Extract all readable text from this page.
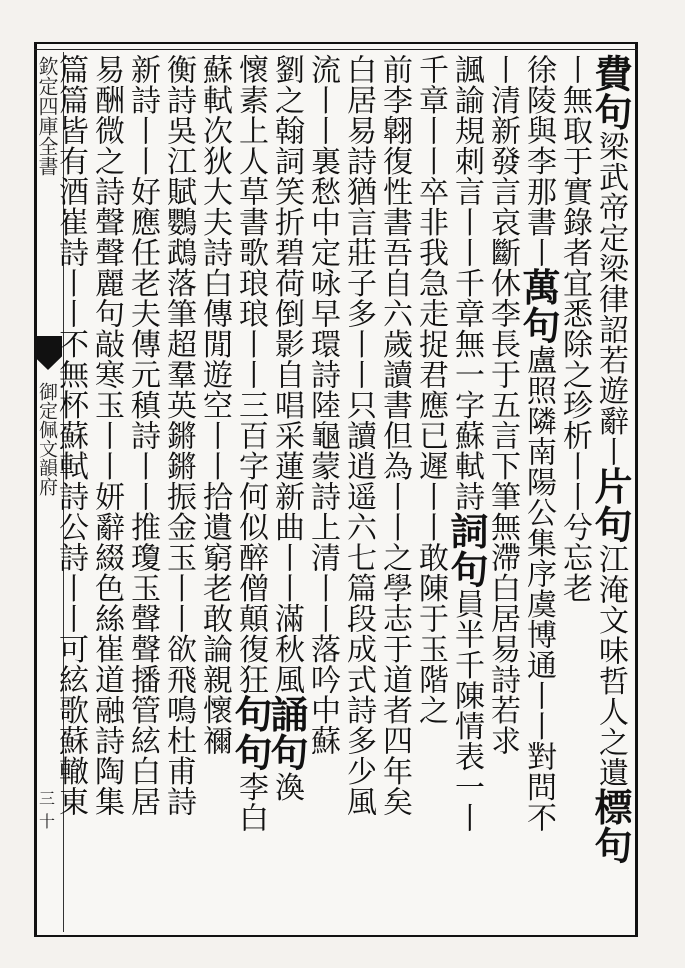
欽定四庫全書
御定佩文韻府
三十
費句梁武帝定梁律詔若遊辭丨片句江淹文味哲人之遺標句
丨無取于實錄者宜悉除之珍析丨丨兮忘老
徐陵與李那書丨萬句盧照隣南陽公集序虞博通丨丨對問不
丨清新發言哀斷休李長于五言下筆無滯白居易詩若求
諷諭規刺言丨丨千章無一字蘇軾詩詞句員半千陳情表一丨
千章丨丨卒非我急走捉君應已遲丨丨敢陳于玉階之
前李翺復性書吾自六歲讀書但為丨丨之學志于道者四年矣
白居易詩猶言莊子多丨丨只讀逍遥六七篇段成式詩多少風
流丨丨裏愁中定咏早環詩陸龜蒙詩上清丨丨落吟中蘇
劉之翰詞笑折碧荷倒影自唱采蓮新曲丨丨滿秋風誦句渙
懷素上人草書歌琅琅丨丨三百字何似醉僧顛復狂句句李白
蘇軾次狄大夫詩白傳閒遊空丨丨拾遺窮老敢論親懷禰
衡詩吳江賦鸚鵡落筆超羣英鏘鏘振金玉丨丨欲飛鳴杜甫詩
新詩丨丨好應任老夫傳元稹詩丨丨推瓊玉聲聲播管絃白居
易酬微之詩聲聲麗句敲寒玉丨丨妍辭綴色絲崔道融詩陶集
篇篇皆有酒崔詩丨丨不無杯蘇軾詩公詩丨丨可絃歌蘇轍東
